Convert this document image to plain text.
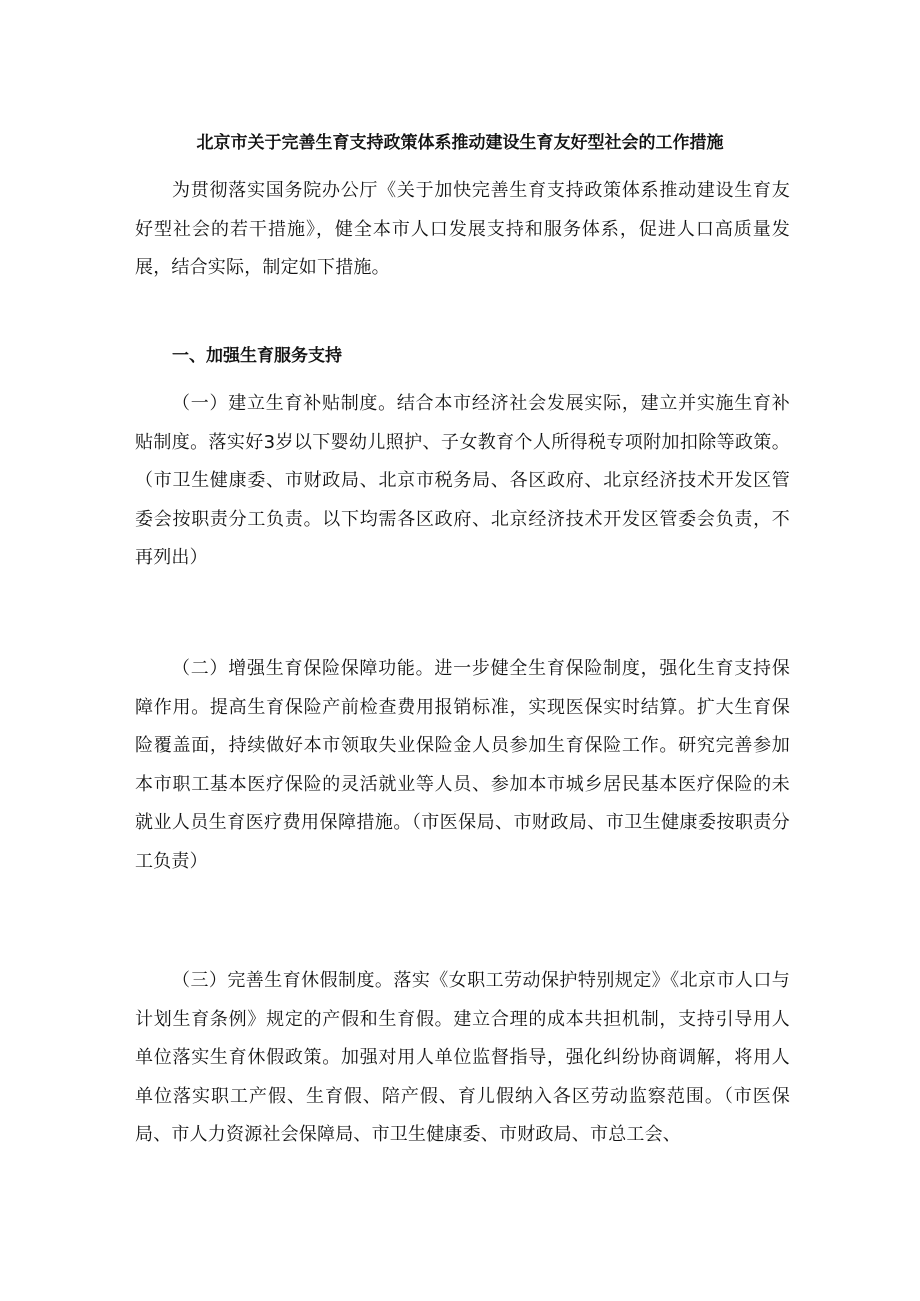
北京市关于完善生育支持政策体系推动建设生育友好型社会的工作措施

为贯彻落实国务院办公厅《关于加快完善生育支持政策体系推动建设生育友好型社会的若干措施》，健全本市人口发展支持和服务体系，促进人口高质量发展，结合实际，制定如下措施。

一、加强生育服务支持

（一）建立生育补贴制度。结合本市经济社会发展实际，建立并实施生育补贴制度。落实好3岁以下婴幼儿照护、子女教育个人所得税专项附加扣除等政策。（市卫生健康委、市财政局、北京市税务局、各区政府、北京经济技术开发区管委会按职责分工负责。以下均需各区政府、北京经济技术开发区管委会负责，不再列出）

（二）增强生育保险保障功能。进一步健全生育保险制度，强化生育支持保障作用。提高生育保险产前检查费用报销标准，实现医保实时结算。扩大生育保险覆盖面，持续做好本市领取失业保险金人员参加生育保险工作。研究完善参加本市职工基本医疗保险的灵活就业等人员、参加本市城乡居民基本医疗保险的未就业人员生育医疗费用保障措施。（市医保局、市财政局、市卫生健康委按职责分工负责）

（三）完善生育休假制度。落实《女职工劳动保护特别规定》《北京市人口与计划生育条例》规定的产假和生育假。建立合理的成本共担机制，支持引导用人单位落实生育休假政策。加强对用人单位监督指导，强化纠纷协商调解，将用人单位落实职工产假、生育假、陪产假、育儿假纳入各区劳动监察范围。（市医保局、市人力资源社会保障局、市卫生健康委、市财政局、市总工会、
